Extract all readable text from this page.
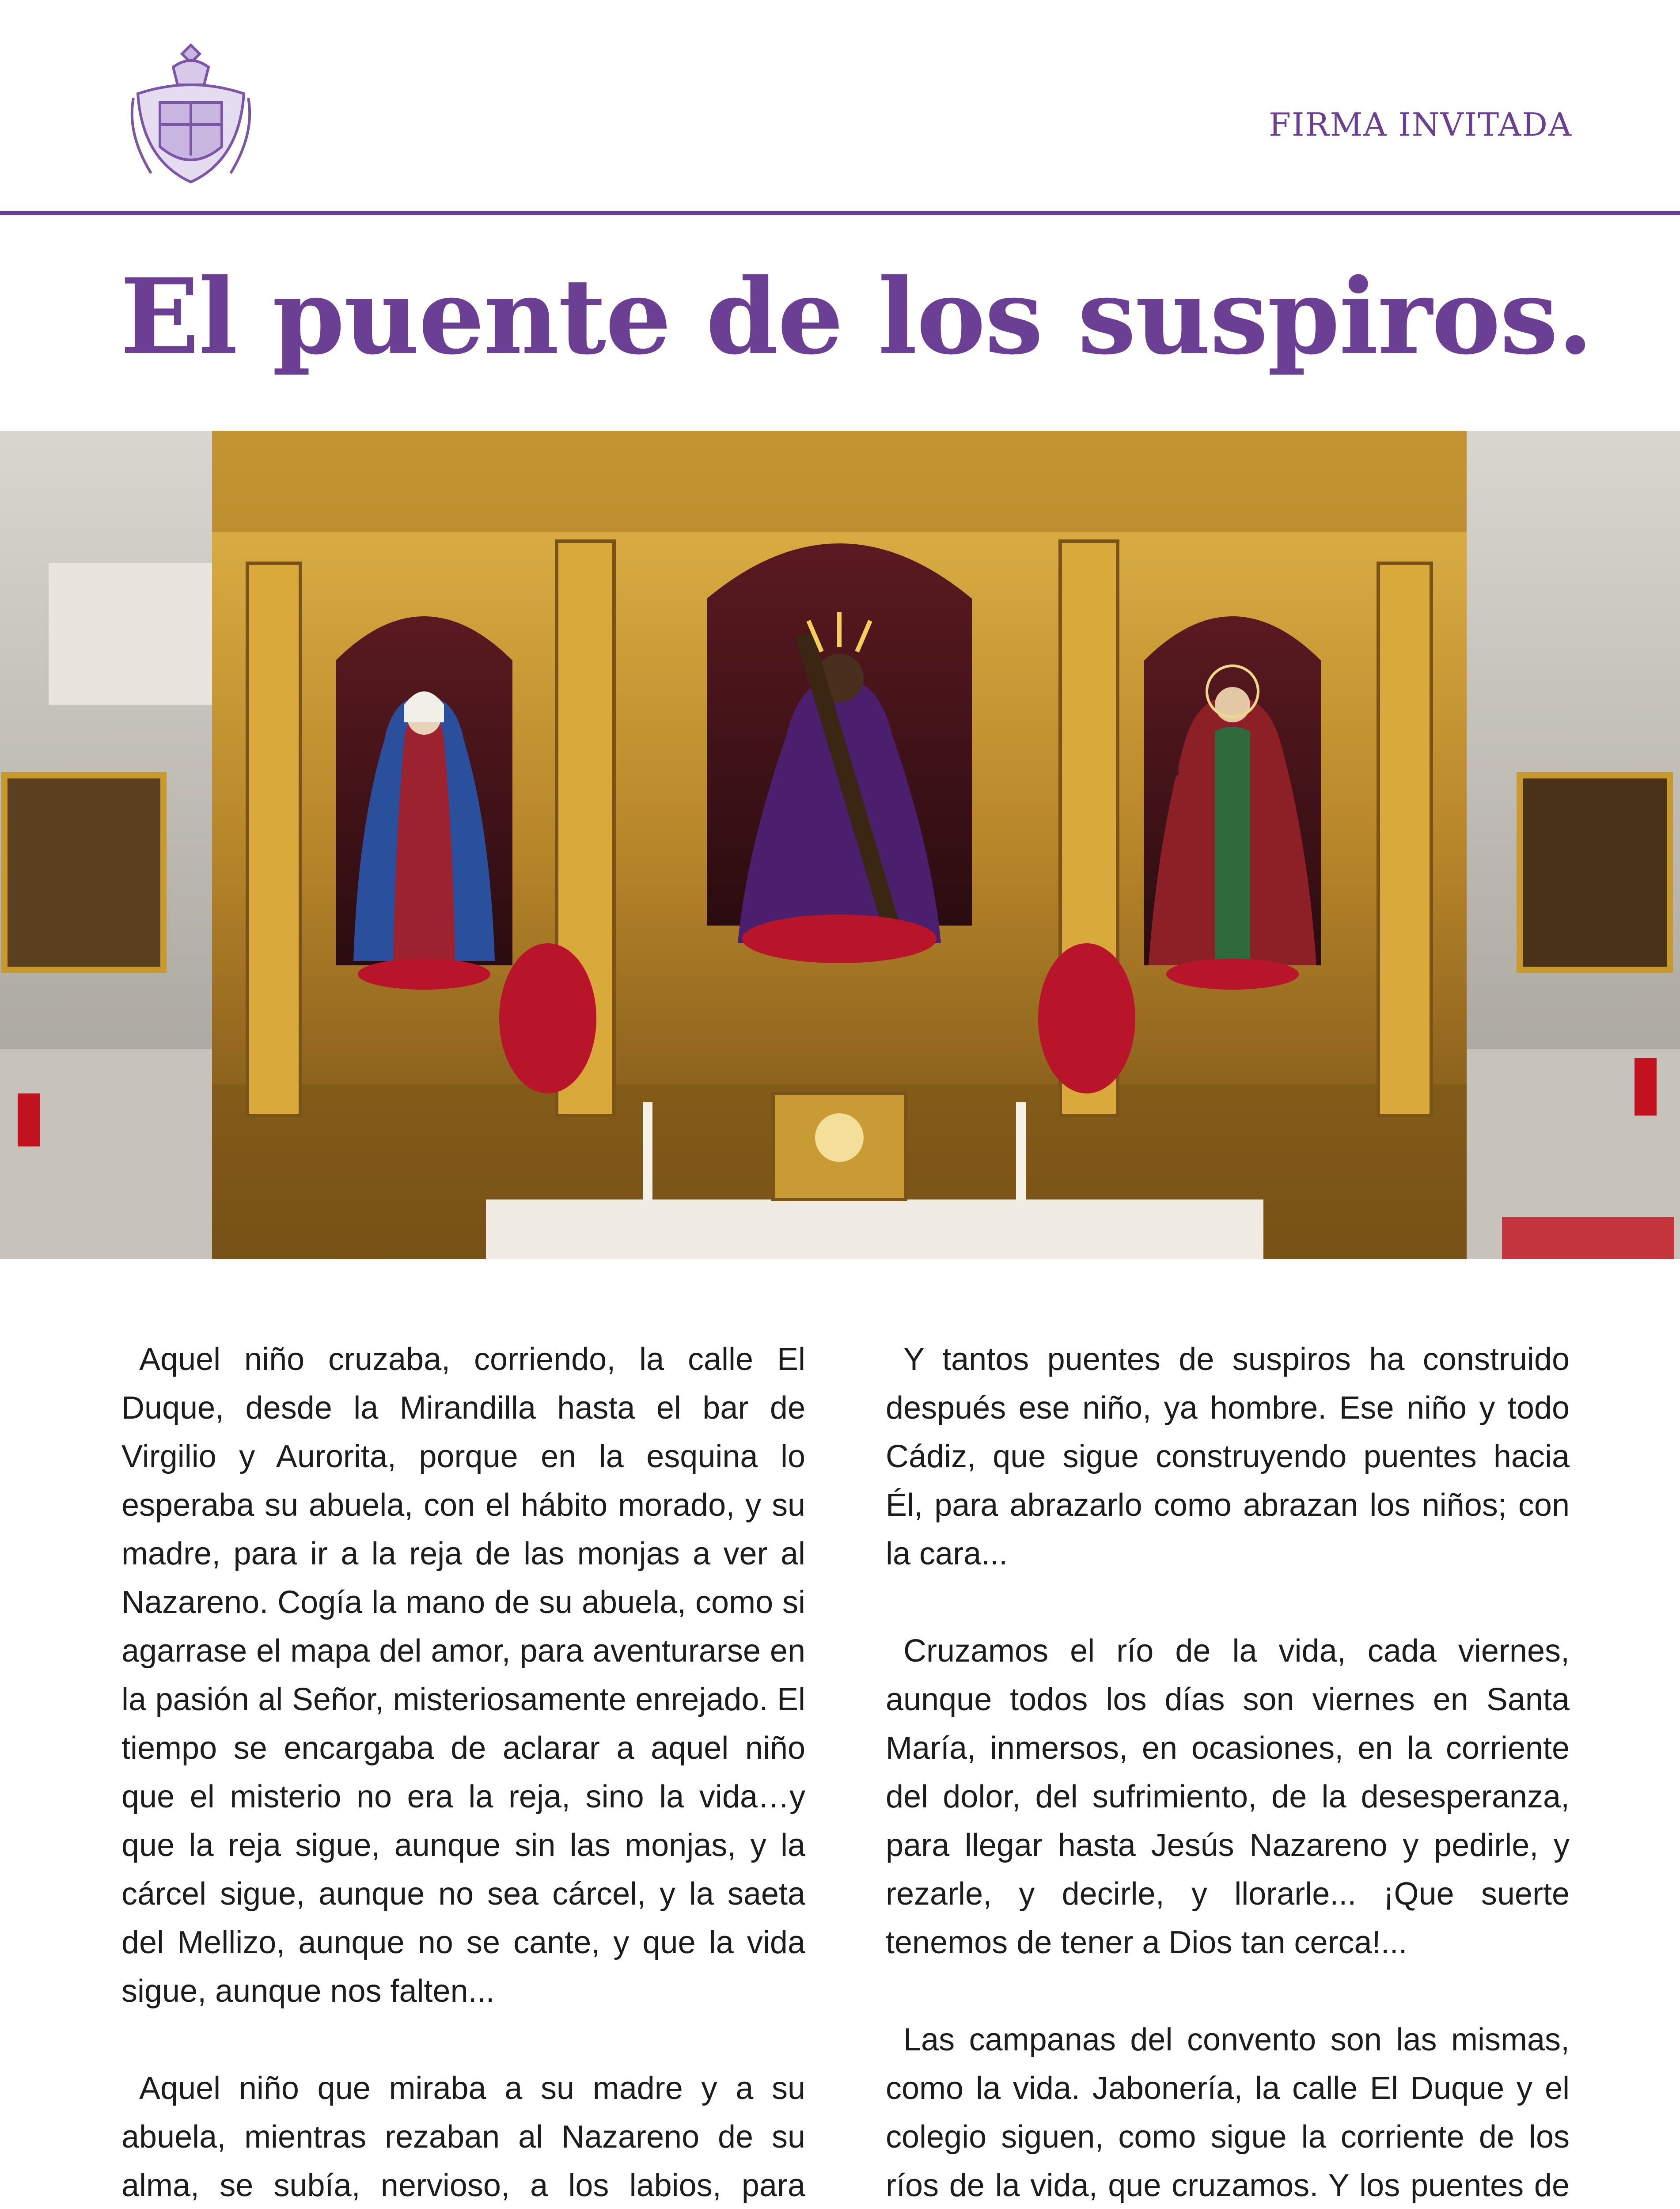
FIRMA INVITADA
El puente de los suspiros.

Aquel niño cruzaba, corriendo, la calle El Duque, desde la Mirandilla hasta el bar de Virgilio y Aurorita, porque en la esquina lo esperaba su abuela, con el hábito morado, y su madre, para ir a la reja de las monjas a ver al Nazareno. Cogía la mano de su abuela, como si agarrase el mapa del amor, para aventurarse en la pasión al Señor, misteriosamente enrejado. El tiempo se encargaba de aclarar a aquel niño que el misterio no era la reja, sino la vida…y que la reja sigue, aunque sin las monjas, y la cárcel sigue, aunque no sea cárcel, y la saeta del Mellizo, aunque no se cante, y que la vida sigue, aunque nos falten...

Aquel niño que miraba a su madre y a su abuela, mientras rezaban al Nazareno de su alma, se subía, nervioso, a los labios, para

Y tantos puentes de suspiros ha construido después ese niño, ya hombre. Ese niño y todo Cádiz, que sigue construyendo puentes hacia Él, para abrazarlo como abrazan los niños; con la cara...

Cruzamos el río de la vida, cada viernes, aunque todos los días son viernes en Santa María, inmersos, en ocasiones, en la corriente del dolor, del sufrimiento, de la desesperanza, para llegar hasta Jesús Nazareno y pedirle, y rezarle, y decirle, y llorarle... ¡Que suerte tenemos de tener a Dios tan cerca!...

Las campanas del convento son las mismas, como la vida. Jabonería, la calle El Duque y el colegio siguen, como sigue la corriente de los ríos de la vida, que cruzamos. Y los puentes de
